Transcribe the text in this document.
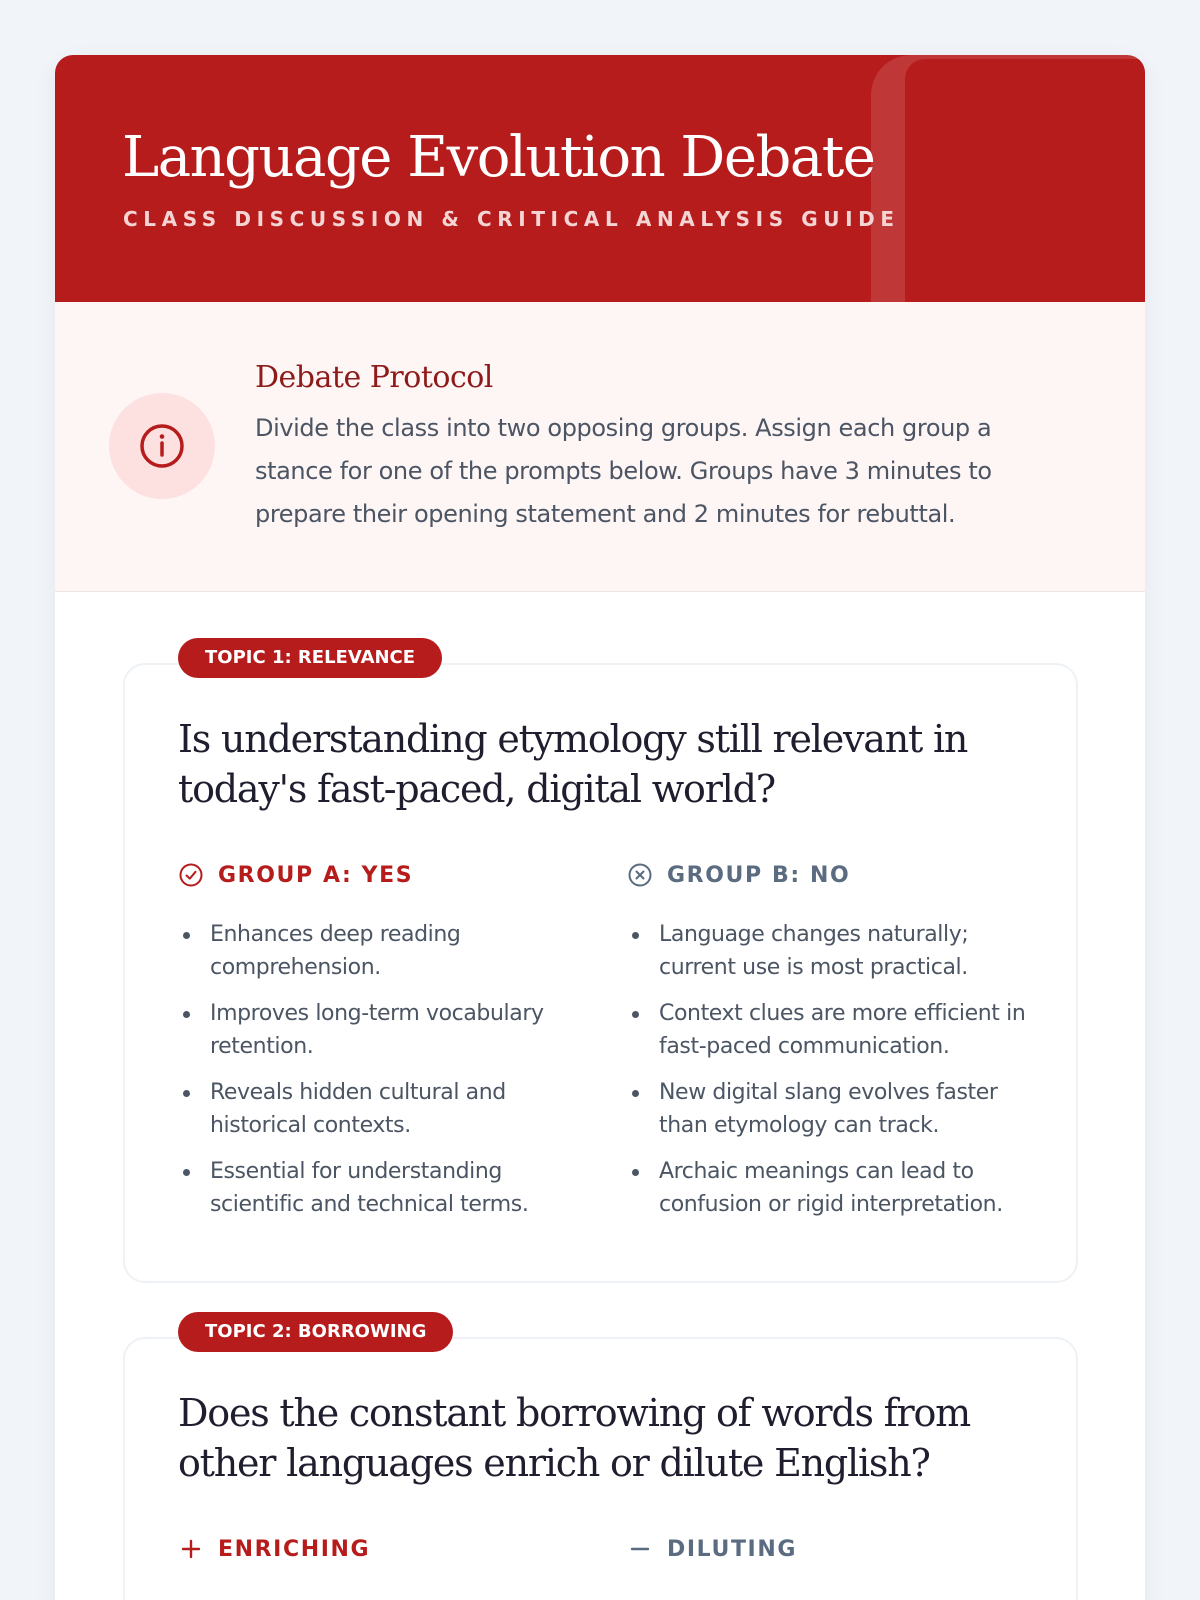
Language Evolution Debate
CLASS DISCUSSION & CRITICAL ANALYSIS GUIDE
Debate Protocol

Divide the class into two opposing groups. Assign each group a stance for one of the prompts below. Groups have 3 minutes to prepare their opening statement and 2 minutes for rebuttal.

TOPIC 1: RELEVANCE
Is understanding etymology still relevant in today's fast-paced, digital world?
GROUP A: YES
Enhances deep reading comprehension.
Improves long-term vocabulary retention.
Reveals hidden cultural and historical contexts.
Essential for understanding scientific and technical terms.
GROUP B: NO
Language changes naturally; current use is most practical.
Context clues are more efficient in fast-paced communication.
New digital slang evolves faster than etymology can track.
Archaic meanings can lead to confusion or rigid interpretation.
TOPIC 2: BORROWING
Does the constant borrowing of words from other languages enrich or dilute English?
ENRICHING	DILUTING
